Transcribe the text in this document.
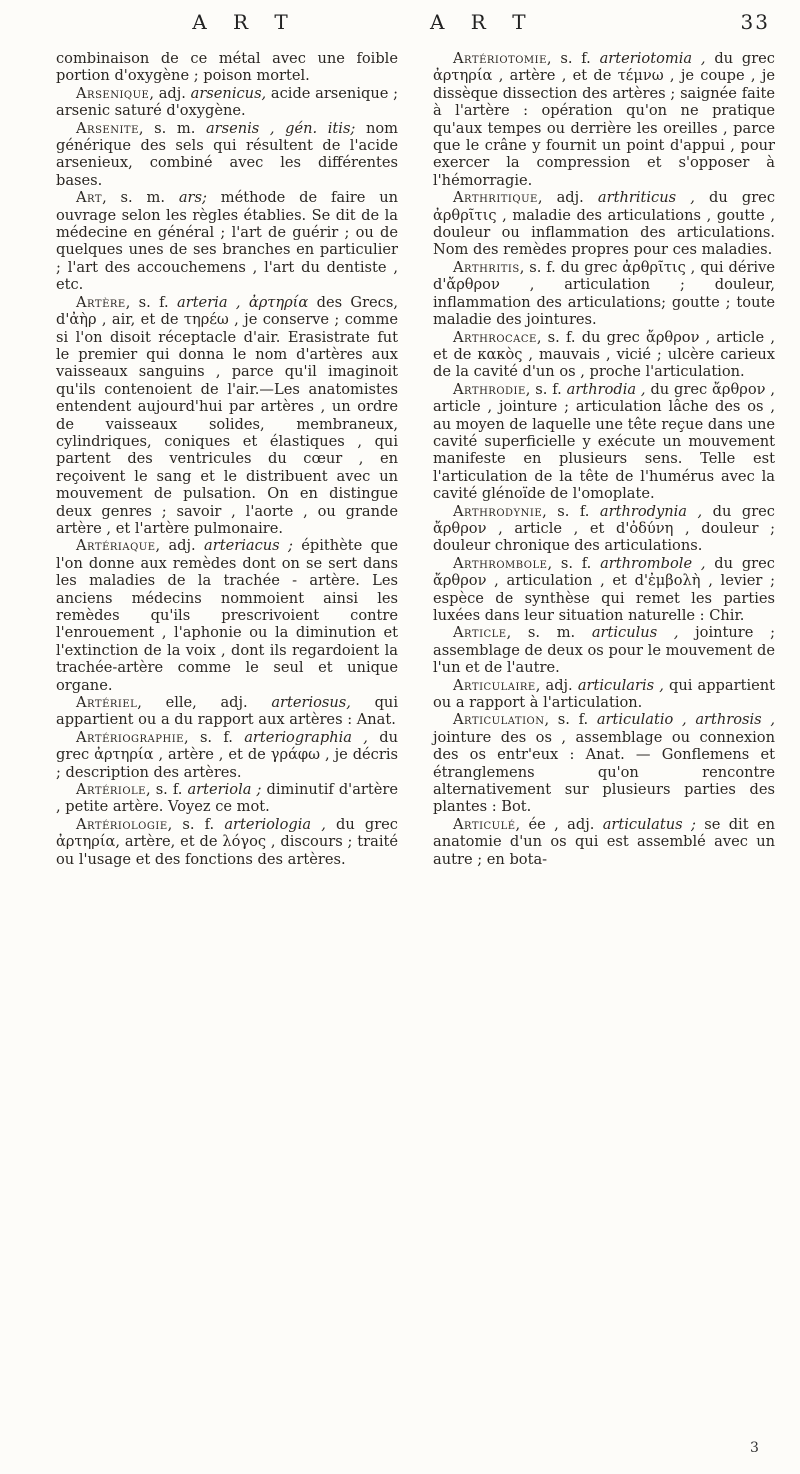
A R T	A R T	33

combinaison de ce métal avec une foible portion d'oxygène ; poison mortel.

Arsenique, adj. arsenicus, acide arsenique ; arsenic saturé d'oxygène.

Arsenite, s. m. arsenis , gén. itis; nom générique des sels qui résultent de l'acide arsenieux, combiné avec les différentes bases.

Art, s. m. ars; méthode de faire un ouvrage selon les règles établies. Se dit de la médecine en général ; l'art de guérir ; ou de quelques unes de ses branches en particulier ; l'art des accouchemens , l'art du dentiste , etc.

Artère, s. f. arteria , ἀρτηρία des Grecs, d'ἀὴρ , air, et de τηρέω , je conserve ; comme si l'on disoit réceptacle d'air. Erasistrate fut le premier qui donna le nom d'artères aux vaisseaux sanguins , parce qu'il imaginoit qu'ils contenoient de l'air.—Les anatomistes entendent aujourd'hui par artères , un ordre de vaisseaux solides, membraneux, cylindriques, coniques et élastiques , qui partent des ventricules du cœur , en reçoivent le sang et le distribuent avec un mouvement de pulsation. On en distingue deux genres ; savoir , l'aorte , ou grande artère , et l'artère pulmonaire.

Artériaque, adj. arteriacus ; épithète que l'on donne aux remèdes dont on se sert dans les maladies de la trachée - artère. Les anciens médecins nommoient ainsi les remèdes qu'ils prescrivoient contre l'enrouement , l'aphonie ou la diminution et l'extinction de la voix , dont ils regardoient la trachée-artère comme le seul et unique organe.

Artériel, elle, adj. arteriosus, qui appartient ou a du rapport aux artères : Anat.

Artériographie, s. f. arteriographia , du grec ἀρτηρία , artère , et de γράφω , je décris ; description des artères.

Artériole, s. f. arteriola ; diminutif d'artère , petite artère. Voyez ce mot.

Artériologie, s. f. arteriologia , du grec ἀρτηρία, artère, et de λόγος , discours ; traité ou l'usage et des fonctions des artères.

Artériotomie, s. f. arteriotomia , du grec ἀρτηρία , artère , et de τέμνω , je coupe , je dissèque dissection des artères ; saignée faite à l'artère : opération qu'on ne pratique qu'aux tempes ou derrière les oreilles , parce que le crâne y fournit un point d'appui , pour exercer la compression et s'opposer à l'hémorragie.

Arthritique, adj. arthriticus , du grec ἀρθρῖτις , maladie des articulations , goutte , douleur ou inflammation des articulations. Nom des remèdes propres pour ces maladies.

Arthritis, s. f. du grec ἀρθρῖτις , qui dérive d'ἄρθρον , articulation ; douleur, inflammation des articulations; goutte ; toute maladie des jointures.

Arthrocace, s. f. du grec ἄρθρον , article , et de κακὸς , mauvais , vicié ; ulcère carieux de la cavité d'un os , proche l'articulation.

Arthrodie, s. f. arthrodia , du grec ἄρθρον , article , jointure ; articulation lâche des os , au moyen de laquelle une tête reçue dans une cavité superficielle y exécute un mouvement manifeste en plusieurs sens. Telle est l'articulation de la tête de l'humérus avec la cavité glénoïde de l'omoplate.

Arthrodynie, s. f. arthrodynia , du grec ἄρθρον , article , et d'ὀδύνη , douleur ; douleur chronique des articulations.

Arthrombole, s. f. arthrombole , du grec ἄρθρον , articulation , et d'ἐμβολὴ , levier ; espèce de synthèse qui remet les parties luxées dans leur situation naturelle : Chir.

Article, s. m. articulus , jointure ; assemblage de deux os pour le mouvement de l'un et de l'autre.

Articulaire, adj. articularis , qui appartient ou a rapport à l'articulation.

Articulation, s. f. articulatio , arthrosis , jointure des os , assemblage ou connexion des os entr'eux : Anat. — Gonflemens et étranglemens qu'on rencontre alternativement sur plusieurs parties des plantes : Bot.

Articulé, ée , adj. articulatus ; se dit en anatomie d'un os qui est assemblé avec un autre ; en bota-

3
